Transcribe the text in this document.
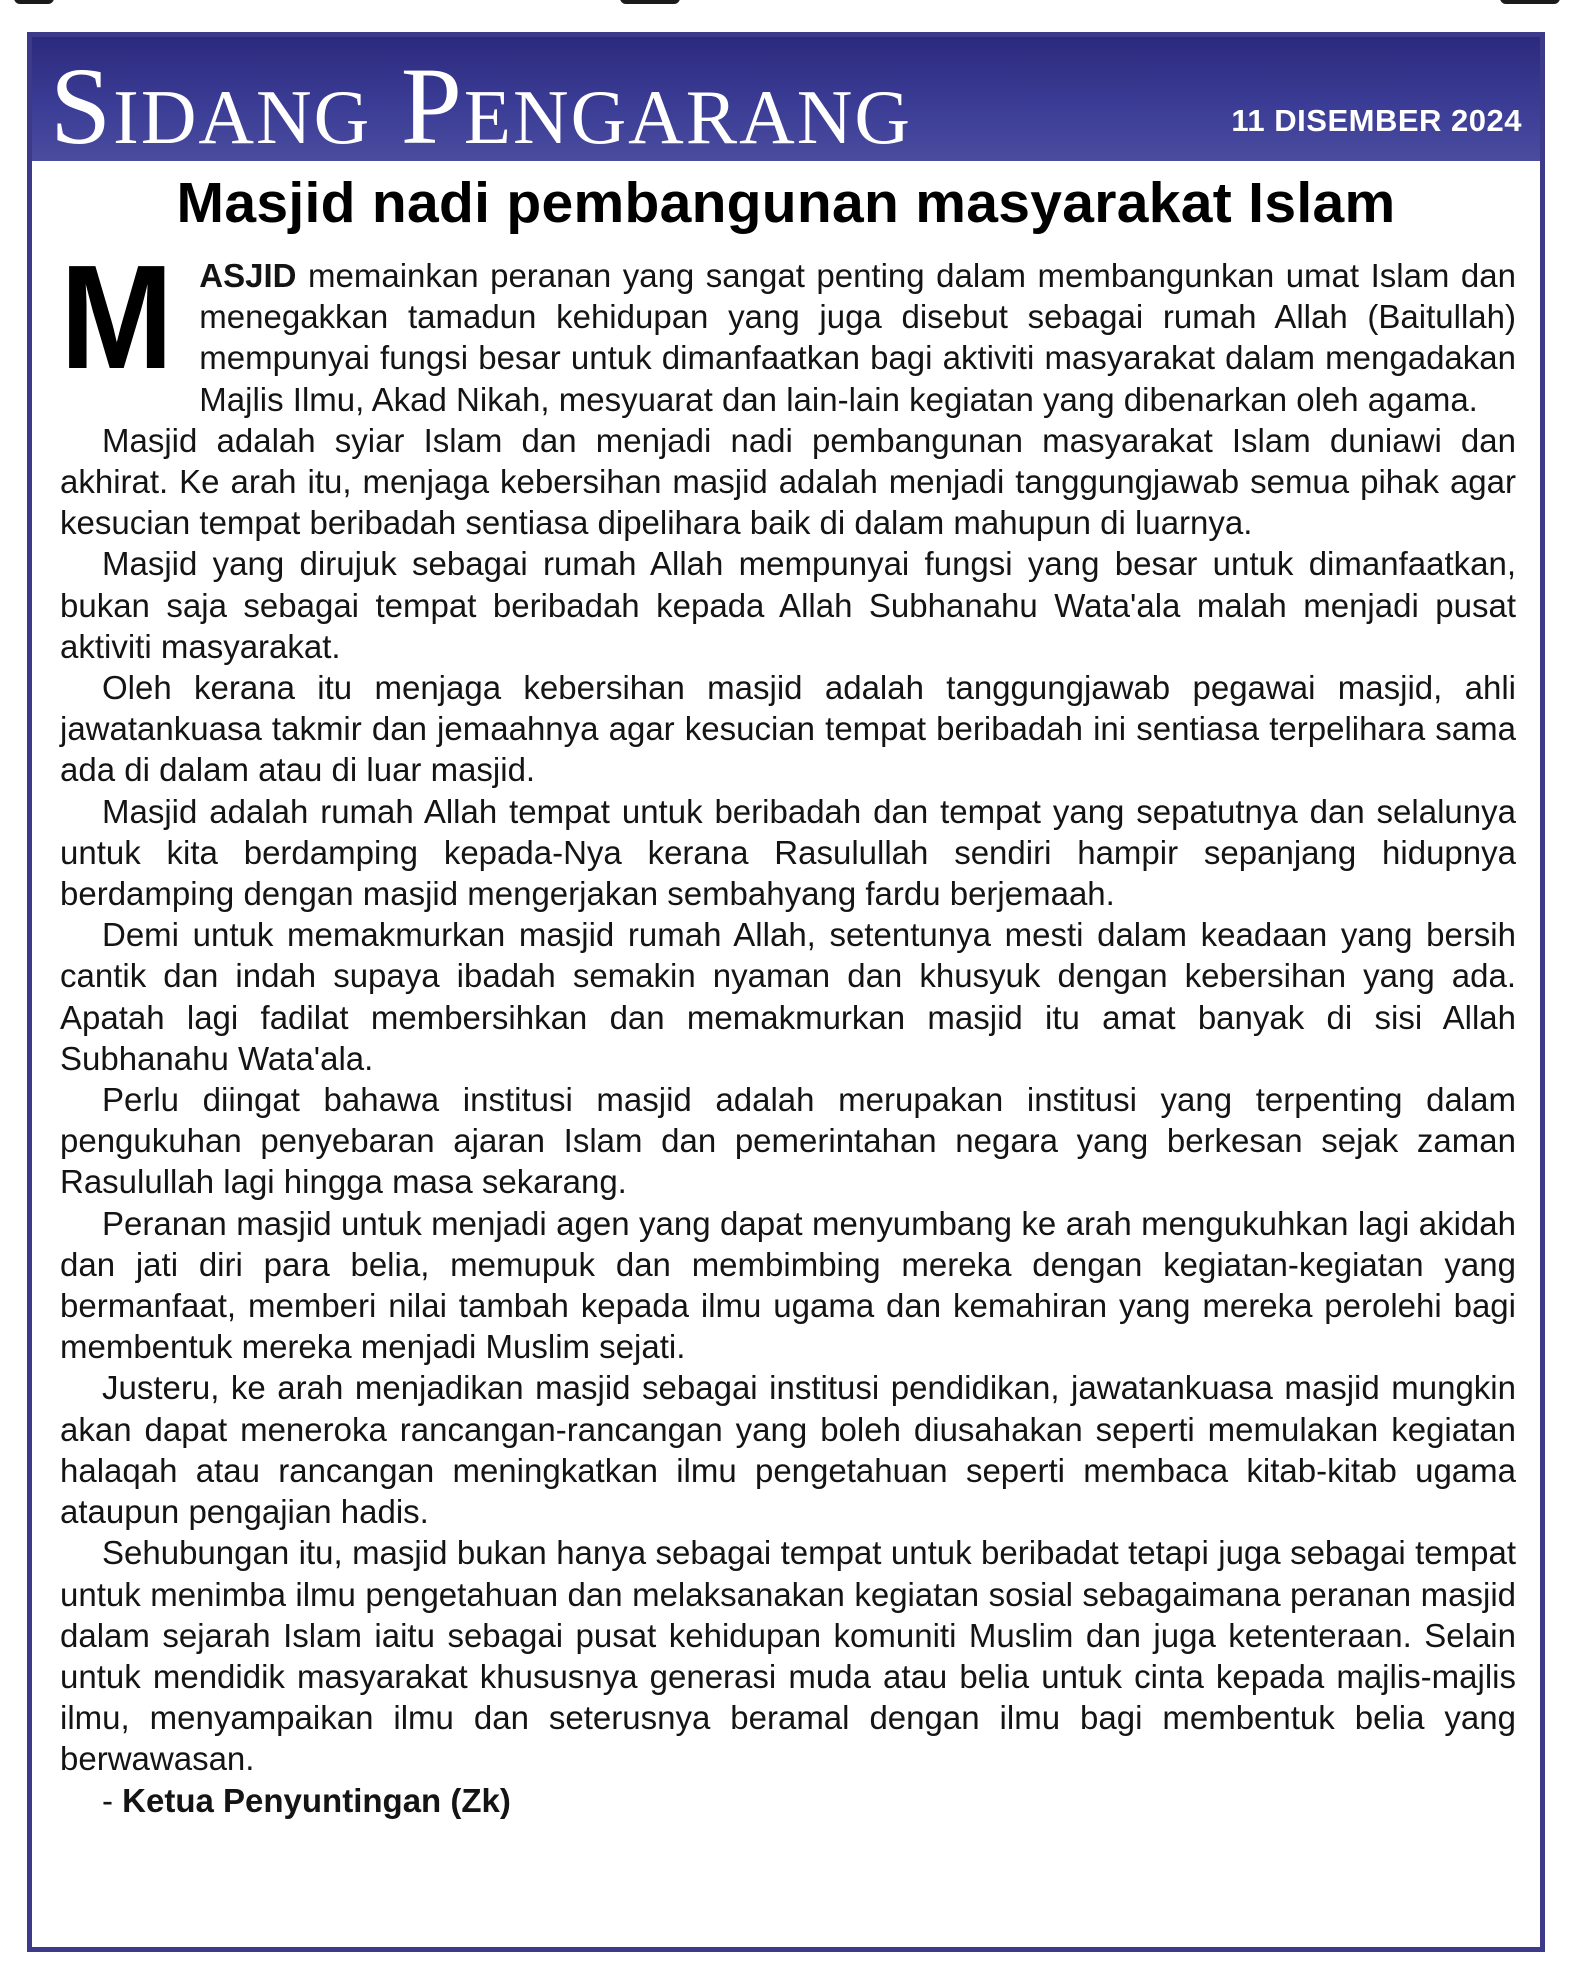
Sidang Pengarang	11 DISEMBER 2024
Masjid nadi pembangunan masyarakat Islam

MASJID memainkan peranan yang sangat penting dalam membangunkan umat Islam dan menegakkan tamadun kehidupan yang juga disebut sebagai rumah Allah (Baitullah) mempunyai fungsi besar untuk dimanfaatkan bagi aktiviti masyarakat dalam mengadakan Majlis Ilmu, Akad Nikah, mesyuarat dan lain-lain kegiatan yang dibenarkan oleh agama.

Masjid adalah syiar Islam dan menjadi nadi pembangunan masyarakat Islam duniawi dan akhirat. Ke arah itu, menjaga kebersihan masjid adalah menjadi tanggungjawab semua pihak agar kesucian tempat beribadah sentiasa dipelihara baik di dalam mahupun di luarnya.

Masjid yang dirujuk sebagai rumah Allah mempunyai fungsi yang besar untuk dimanfaatkan, bukan saja sebagai tempat beribadah kepada Allah Subhanahu Wata'ala malah menjadi pusat aktiviti masyarakat.

Oleh kerana itu menjaga kebersihan masjid adalah tanggungjawab pegawai masjid, ahli jawatankuasa takmir dan jemaahnya agar kesucian tempat beribadah ini sentiasa terpelihara sama ada di dalam atau di luar masjid.

Masjid adalah rumah Allah tempat untuk beribadah dan tempat yang sepatutnya dan selalunya untuk kita berdamping kepada-Nya kerana Rasulullah sendiri hampir sepanjang hidupnya berdamping dengan masjid mengerjakan sembahyang fardu berjemaah.

Demi untuk memakmurkan masjid rumah Allah, setentunya mesti dalam keadaan yang bersih cantik dan indah supaya ibadah semakin nyaman dan khusyuk dengan kebersihan yang ada. Apatah lagi fadilat membersihkan dan memakmurkan masjid itu amat banyak di sisi Allah Subhanahu Wata'ala.

Perlu diingat bahawa institusi masjid adalah merupakan institusi yang terpenting dalam pengukuhan penyebaran ajaran Islam dan pemerintahan negara yang berkesan sejak zaman Rasulullah lagi hingga masa sekarang.

Peranan masjid untuk menjadi agen yang dapat menyumbang ke arah mengukuhkan lagi akidah dan jati diri para belia, memupuk dan membimbing mereka dengan kegiatan-kegiatan yang bermanfaat, memberi nilai tambah kepada ilmu ugama dan kemahiran yang mereka perolehi bagi membentuk mereka menjadi Muslim sejati.

Justeru, ke arah menjadikan masjid sebagai institusi pendidikan, jawatankuasa masjid mungkin akan dapat meneroka rancangan-rancangan yang boleh diusahakan seperti memulakan kegiatan halaqah atau rancangan meningkatkan ilmu pengetahuan seperti membaca kitab-kitab ugama ataupun pengajian hadis.

Sehubungan itu, masjid bukan hanya sebagai tempat untuk beribadat tetapi juga sebagai tempat untuk menimba ilmu pengetahuan dan melaksanakan kegiatan sosial sebagaimana peranan masjid dalam sejarah Islam iaitu sebagai pusat kehidupan komuniti Muslim dan juga ketenteraan. Selain untuk mendidik masyarakat khususnya generasi muda atau belia untuk cinta kepada majlis-majlis ilmu, menyampaikan ilmu dan seterusnya beramal dengan ilmu bagi membentuk belia yang berwawasan.

- Ketua Penyuntingan (Zk)
